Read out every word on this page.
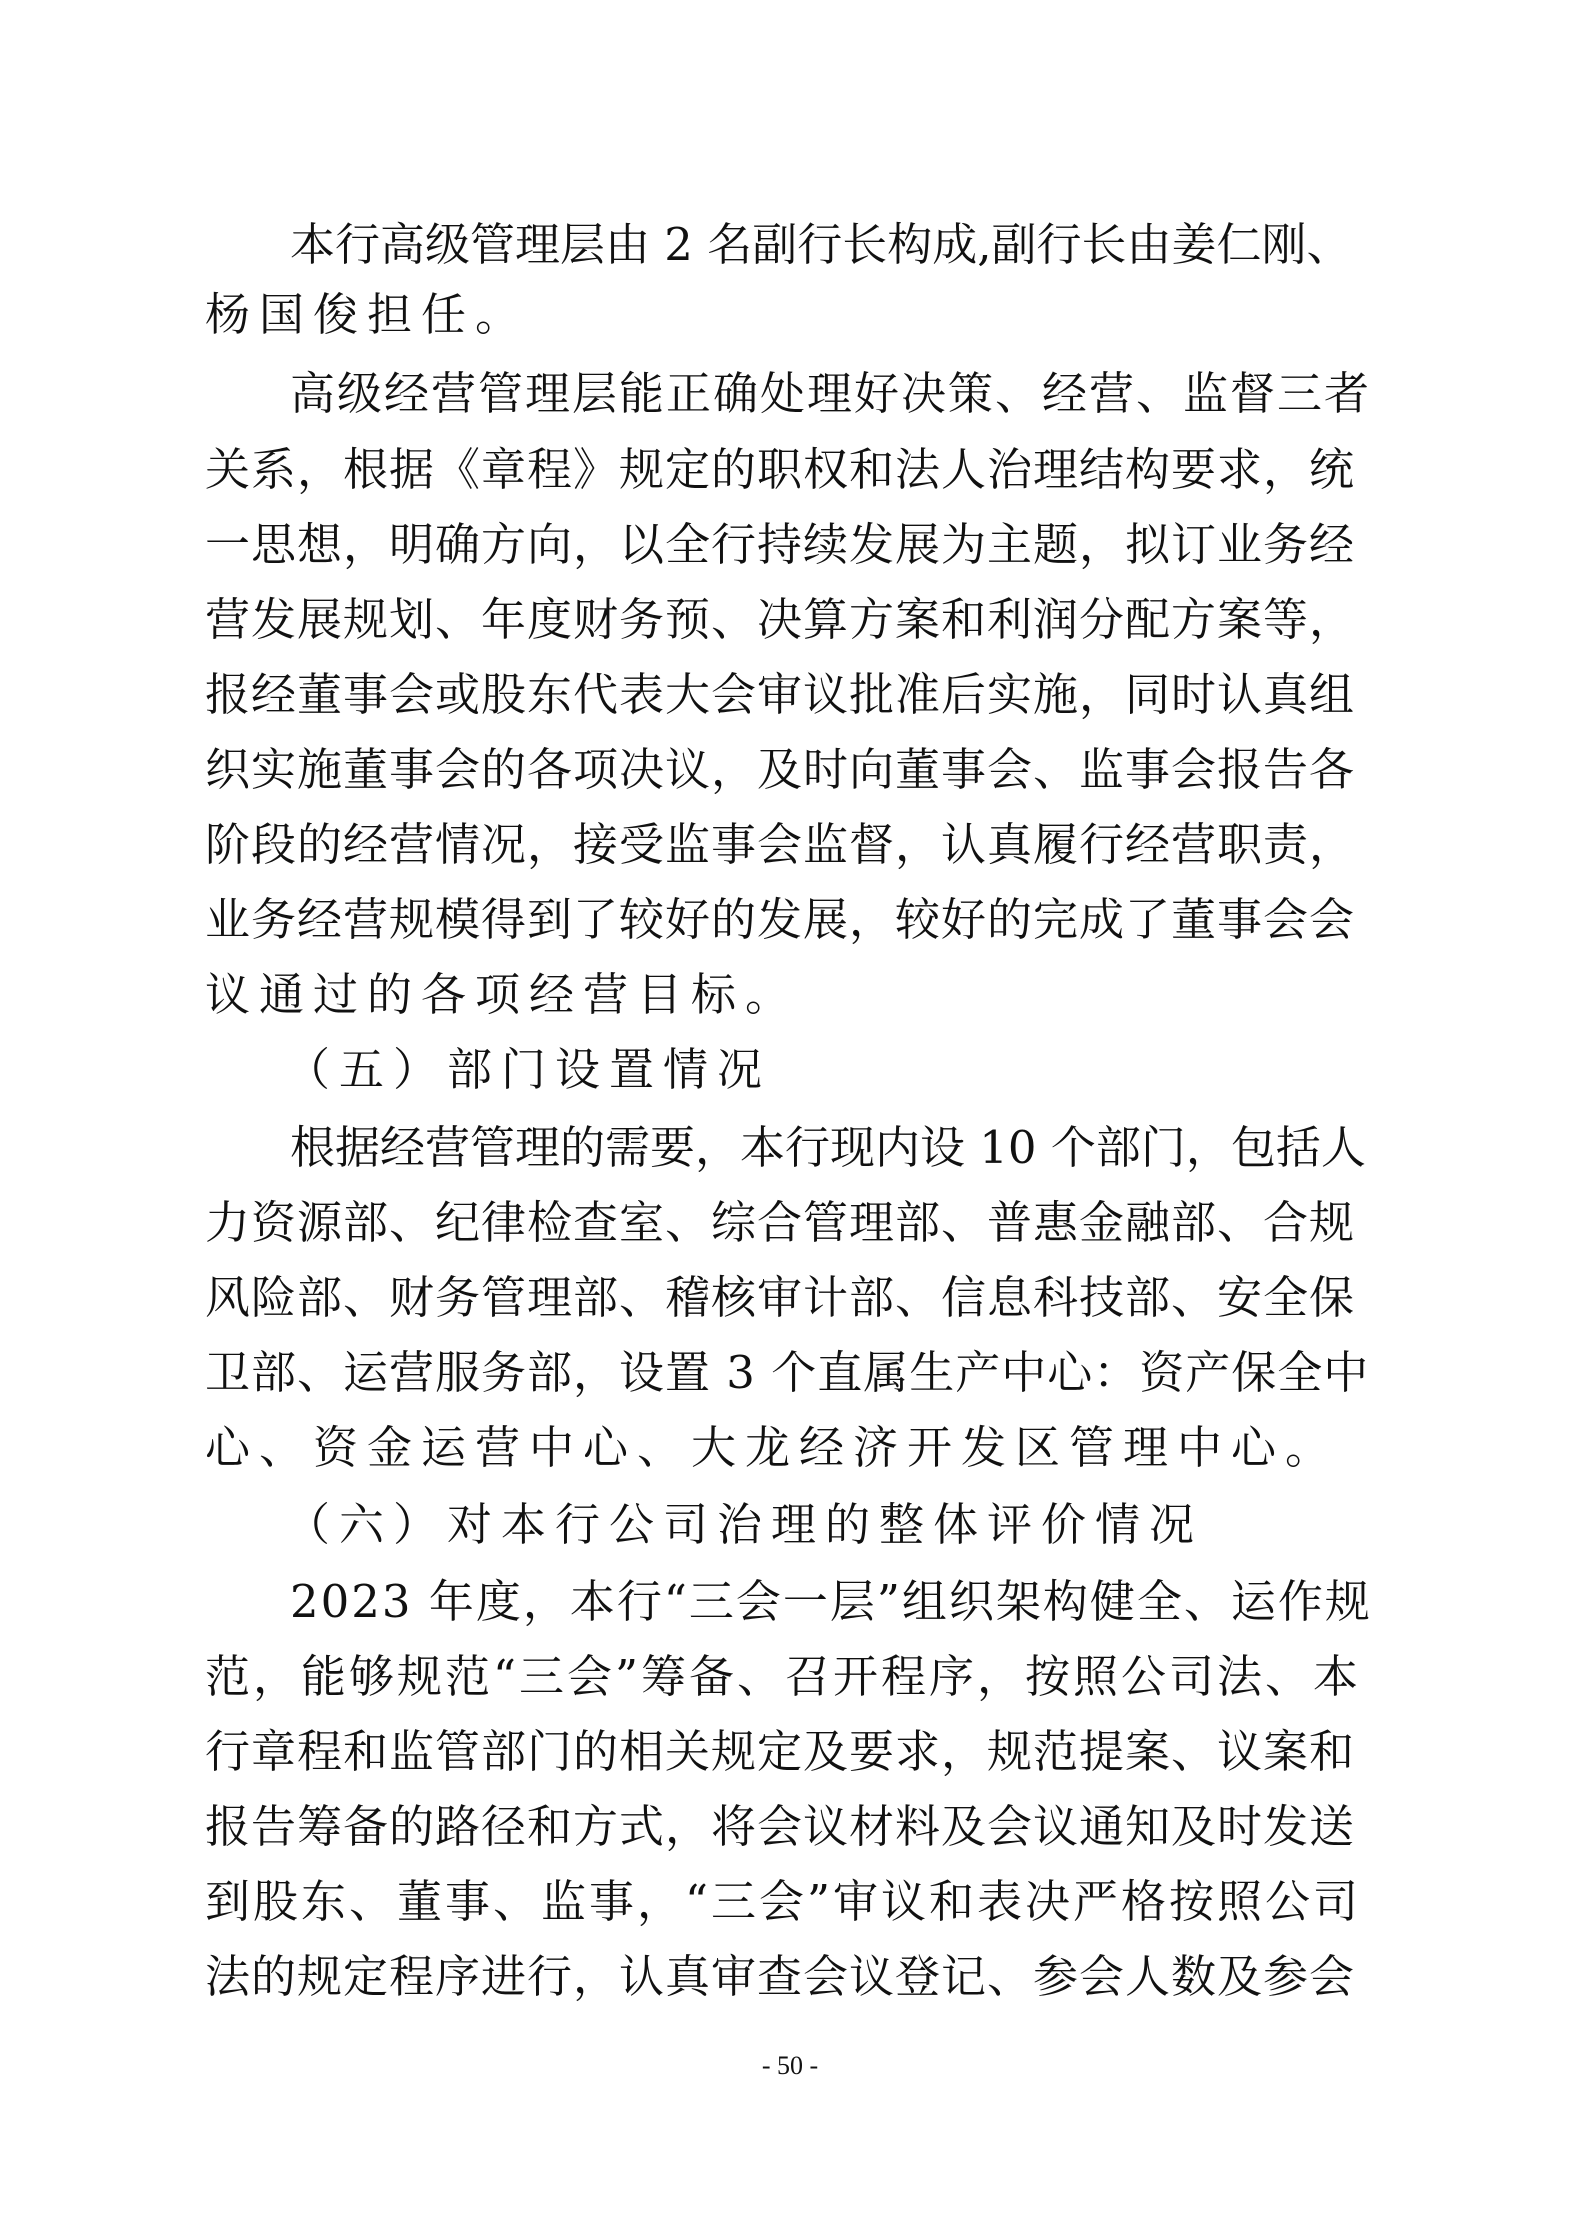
本行高级管理层由 2 名副行长构成,副行长由姜仁刚、
杨国俊担任。
高级经营管理层能正确处理好决策、经营、监督三者
关系，根据《章程》规定的职权和法人治理结构要求，统
一思想，明确方向，以全行持续发展为主题，拟订业务经
营发展规划、年度财务预、决算方案和利润分配方案等，
报经董事会或股东代表大会审议批准后实施，同时认真组
织实施董事会的各项决议，及时向董事会、监事会报告各
阶段的经营情况，接受监事会监督，认真履行经营职责，
业务经营规模得到了较好的发展，较好的完成了董事会会
议通过的各项经营目标。
（五）部门设置情况
根据经营管理的需要，本行现内设 10 个部门，包括人
力资源部、纪律检查室、综合管理部、普惠金融部、合规
风险部、财务管理部、稽核审计部、信息科技部、安全保
卫部、运营服务部，设置 3 个直属生产中心：资产保全中
心、资金运营中心、大龙经济开发区管理中心。
（六）对本行公司治理的整体评价情况
2023 年度，本行“三会一层”组织架构健全、运作规
范，能够规范“三会”筹备、召开程序，按照公司法、本
行章程和监管部门的相关规定及要求，规范提案、议案和
报告筹备的路径和方式，将会议材料及会议通知及时发送
到股东、董事、监事，“三会”审议和表决严格按照公司
法的规定程序进行，认真审查会议登记、参会人数及参会
- 50 -
